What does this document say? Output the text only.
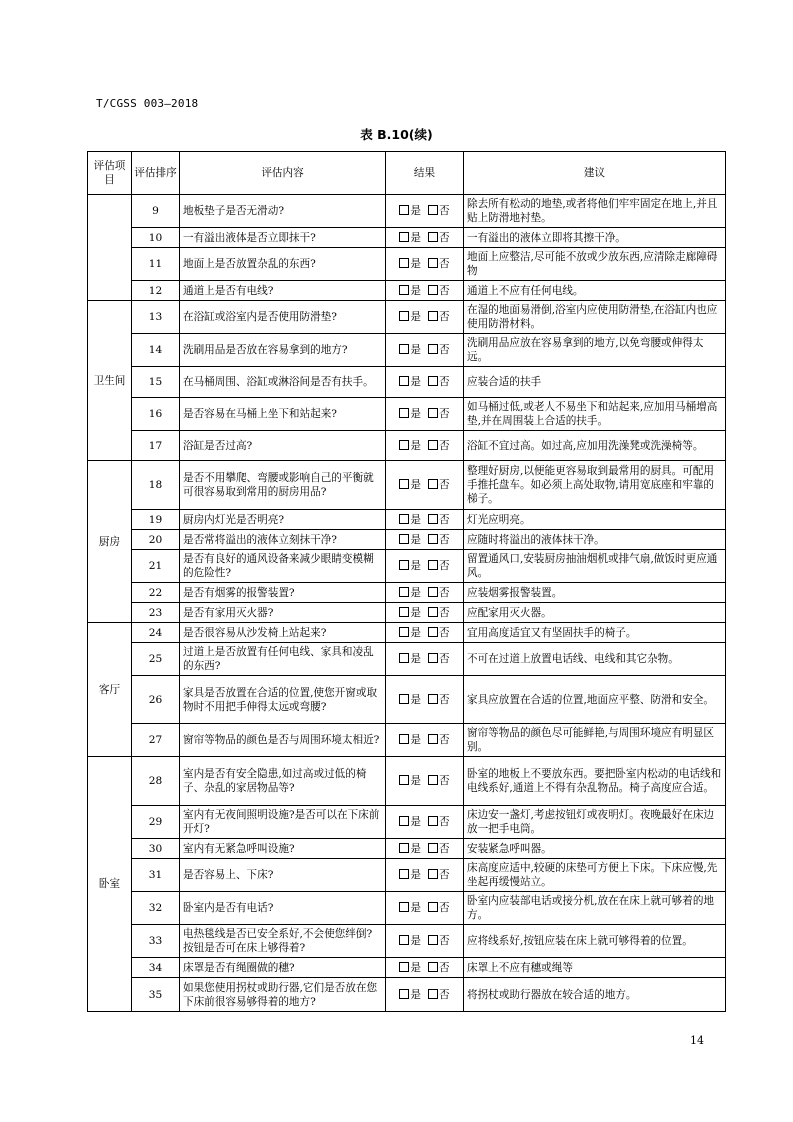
T/CGSS 003—2018
表 B.10(续)
评估项目	评估排序	评估内容	结果	建议
	9	地板垫子是否无滑动?	是 否	除去所有松动的地垫,或者将他们牢牢固定在地上,并且贴上防滑地衬垫。
	10	一有溢出液体是否立即抹干?	是 否	一有溢出的液体立即将其擦干净。
	11	地面上是否放置杂乱的东西?	是 否	地面上应整洁,尽可能不放或少放东西,应清除走廊障碍物
	12	通道上是否有电线?	是 否	通道上不应有任何电线。
卫生间	13	在浴缸或浴室内是否使用防滑垫?	是 否	在湿的地面易滑倒,浴室内应使用防滑垫,在浴缸内也应使用防滑材料。
	14	洗刷用品是否放在容易拿到的地方?	是 否	洗刷用品应放在容易拿到的地方,以免弯腰或伸得太远。
	15	在马桶周围、浴缸或淋浴间是否有扶手。	是 否	应装合适的扶手
	16	是否容易在马桶上坐下和站起来?	是 否	如马桶过低,或老人不易坐下和站起来,应加用马桶增高垫,并在周围装上合适的扶手。
	17	浴缸是否过高?	是 否	浴缸不宜过高。如过高,应加用洗澡凳或洗澡椅等。
厨房	18	是否不用攀爬、弯腰或影响自己的平衡就可很容易取到常用的厨房用品?	是 否	整理好厨房,以便能更容易取到最常用的厨具。可配用手推托盘车。如必须上高处取物,请用宽底座和牢靠的梯子。
	19	厨房内灯光是否明亮?	是 否	灯光应明亮。
	20	是否常将溢出的液体立刻抹干净?	是 否	应随时将溢出的液体抹干净。
	21	是否有良好的通风设备来减少眼睛变模糊的危险性?	是 否	留置通风口,安装厨房抽油烟机或排气扇,做饭时更应通风。
	22	是否有烟雾的报警装置?	是 否	应装烟雾报警装置。
	23	是否有家用灭火器?	是 否	应配家用灭火器。
客厅	24	是否很容易从沙发椅上站起来?	是 否	宜用高度适宜又有坚固扶手的椅子。
	25	过道上是否放置有任何电线、家具和凌乱的东西?	是 否	不可在过道上放置电话线、电线和其它杂物。
	26	家具是否放置在合适的位置,使您开窗或取物时不用把手伸得太远或弯腰?	是 否	家具应放置在合适的位置,地面应平整、防滑和安全。
	27	窗帘等物品的颜色是否与周围环境太相近?	是 否	窗帘等物品的颜色尽可能鲜艳,与周围环境应有明显区别。
卧室	28	室内是否有安全隐患,如过高或过低的椅子、杂乱的家居物品等?	是 否	卧室的地板上不要放东西。要把卧室内松动的电话线和电线系好,通道上不得有杂乱物品。椅子高度应合适。
	29	室内有无夜间照明设施?是否可以在下床前开灯?	是 否	床边安一盏灯,考虑按钮灯或夜明灯。夜晚最好在床边放一把手电筒。
	30	室内有无紧急呼叫设施?	是 否	安装紧急呼叫器。
	31	是否容易上、下床?	是 否	床高度应适中,较硬的床垫可方便上下床。下床应慢,先坐起再缓慢站立。
	32	卧室内是否有电话?	是 否	卧室内应装部电话或接分机,放在在床上就可够着的地方。
	33	电热毯线是否已安全系好,不会使您绊倒?按钮是否可在床上够得着?	是 否	应将线系好,按钮应装在床上就可够得着的位置。
	34	床罩是否有绳圈做的穗?	是 否	床罩上不应有穗或绳等
	35	如果您使用拐杖或助行器,它们是否放在您下床前很容易够得着的地方?	是 否	将拐杖或助行器放在较合适的地方。
14
